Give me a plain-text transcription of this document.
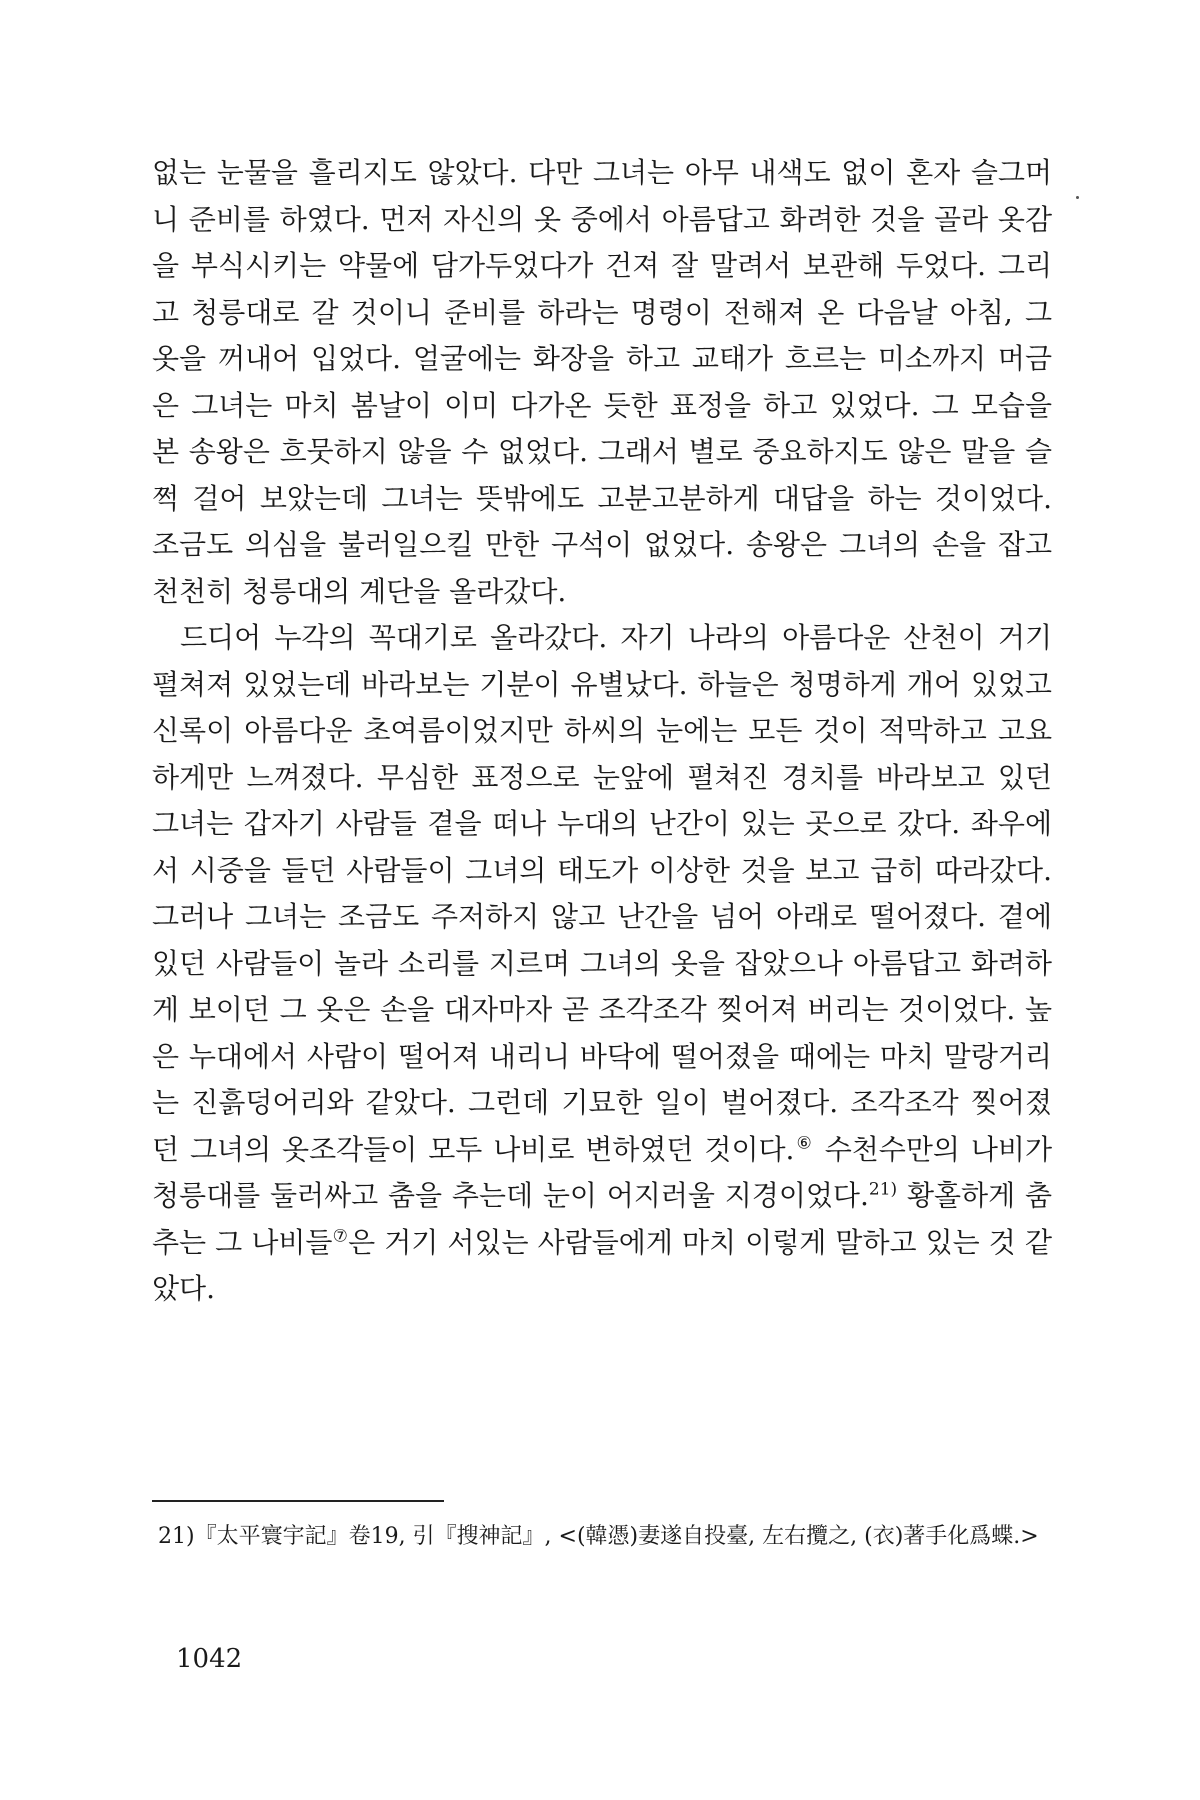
없는 눈물을 흘리지도 않았다. 다만 그녀는 아무 내색도 없이 혼자 슬그머니 준비를 하였다. 먼저 자신의 옷 중에서 아름답고 화려한 것을 골라 옷감을 부식시키는 약물에 담가두었다가 건져 잘 말려서 보관해 두었다. 그리고 청릉대로 갈 것이니 준비를 하라는 명령이 전해져 온 다음날 아침, 그 옷을 꺼내어 입었다. 얼굴에는 화장을 하고 교태가 흐르는 미소까지 머금은 그녀는 마치 봄날이 이미 다가온 듯한 표정을 하고 있었다. 그 모습을 본 송왕은 흐뭇하지 않을 수 없었다. 그래서 별로 중요하지도 않은 말을 슬쩍 걸어 보았는데 그녀는 뜻밖에도 고분고분하게 대답을 하는 것이었다. 조금도 의심을 불러일으킬 만한 구석이 없었다. 송왕은 그녀의 손을 잡고 천천히 청릉대의 계단을 올라갔다.

드디어 누각의 꼭대기로 올라갔다. 자기 나라의 아름다운 산천이 거기 펼쳐져 있었는데 바라보는 기분이 유별났다. 하늘은 청명하게 개어 있었고 신록이 아름다운 초여름이었지만 하씨의 눈에는 모든 것이 적막하고 고요하게만 느껴졌다. 무심한 표정으로 눈앞에 펼쳐진 경치를 바라보고 있던 그녀는 갑자기 사람들 곁을 떠나 누대의 난간이 있는 곳으로 갔다. 좌우에서 시중을 들던 사람들이 그녀의 태도가 이상한 것을 보고 급히 따라갔다. 그러나 그녀는 조금도 주저하지 않고 난간을 넘어 아래로 떨어졌다. 곁에 있던 사람들이 놀라 소리를 지르며 그녀의 옷을 잡았으나 아름답고 화려하게 보이던 그 옷은 손을 대자마자 곧 조각조각 찢어져 버리는 것이었다. 높은 누대에서 사람이 떨어져 내리니 바닥에 떨어졌을 때에는 마치 말랑거리는 진흙덩어리와 같았다. 그런데 기묘한 일이 벌어졌다. 조각조각 찢어졌던 그녀의 옷조각들이 모두 나비로 변하였던 것이다.⑥ 수천수만의 나비가 청릉대를 둘러싸고 춤을 추는데 눈이 어지러울 지경이었다.$^{21)}$ 황홀하게 춤추는 그 나비들⑦은 거기 서있는 사람들에게 마치 이렇게 말하고 있는 것 같았다.

21)『太平寰宇記』卷19, 引『搜神記』, <(韓憑)妻遂自投臺, 左右攬之, (衣)著手化爲蝶.>
1042
